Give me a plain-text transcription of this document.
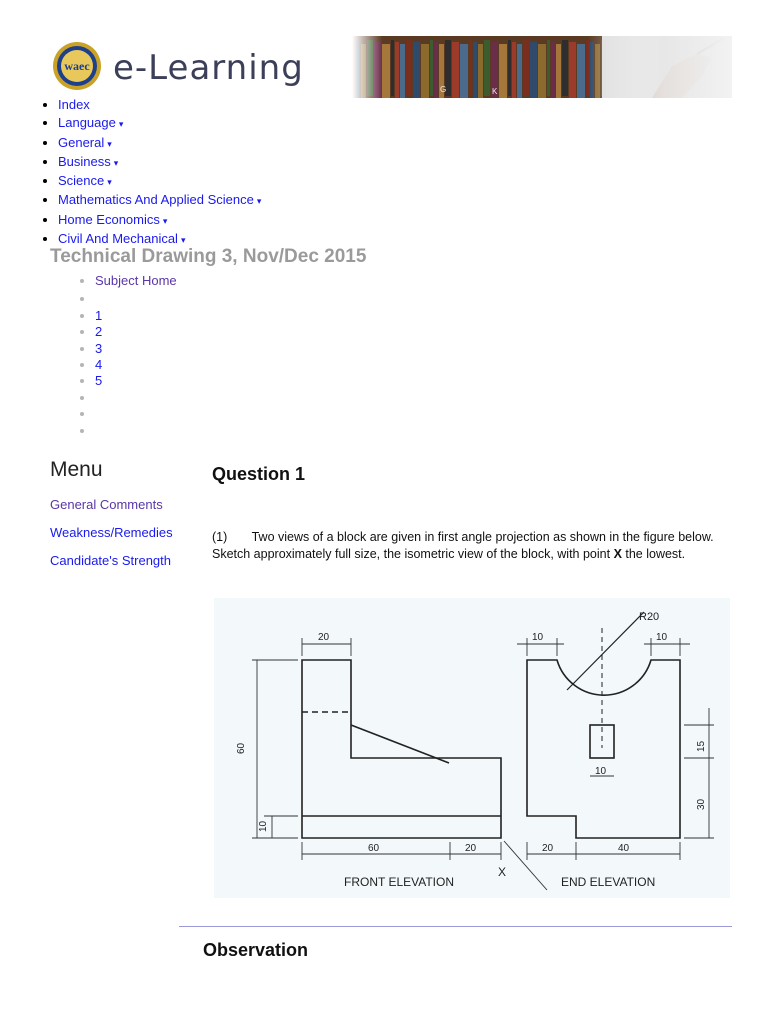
waec e-Learning
G	K
• Index
• Language ▾
• General ▾
• Business ▾
• Science ▾
• Mathematics And Applied Science ▾
• Home Economics ▾
• Civil And Mechanical ▾
Technical Drawing 3, Nov/Dec 2015
• Subject Home
•
• 1
• 2
• 3
• 4
• 5
•
•
•
Menu
General Comments
Weakness/Remedies
Candidate's Strength
Question 1
(1) Two views of a block are given in first angle projection as shown in the figure below. Sketch approximately full size, the isometric view of the block, with point X the lowest.
20
60
10
60	20
10	10
10
15
30
20	40
R20
FRONT ELEVATION	END ELEVATION
X
Observation
